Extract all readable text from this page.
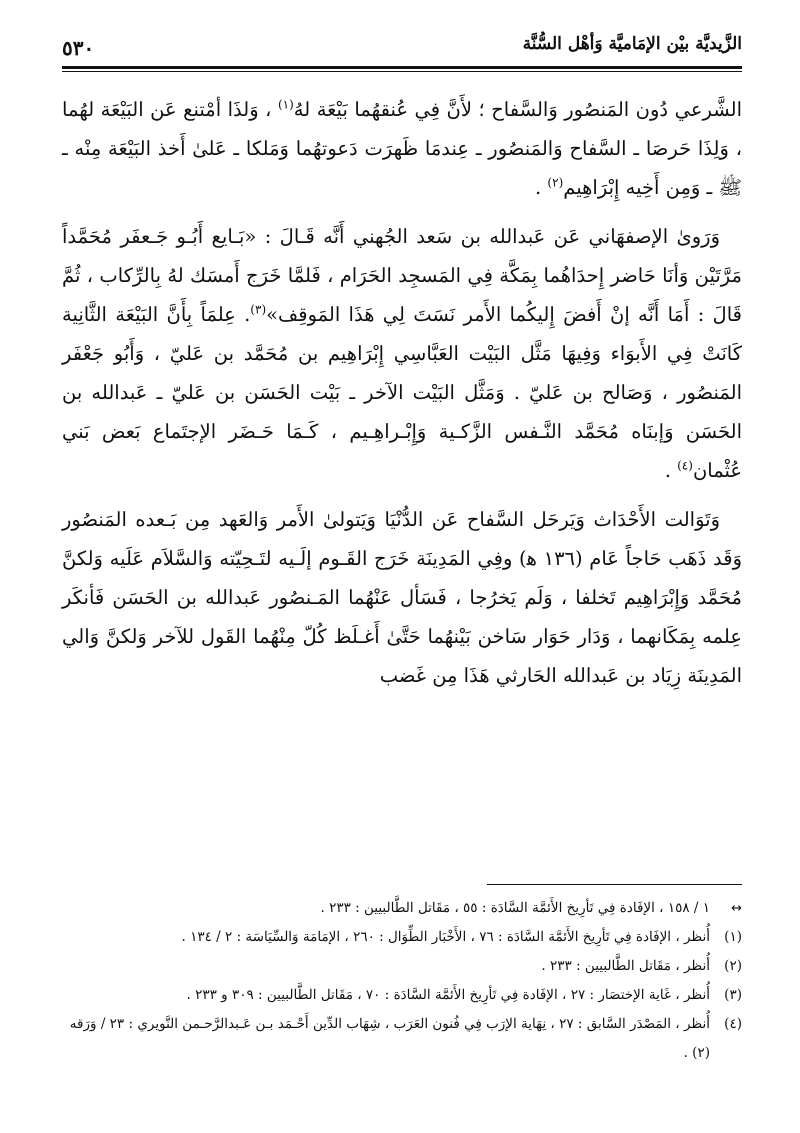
الزَّيديَّة بيْن الإمَاميَّة وَأهْل السُّنَّة
٥٣٠

الشَّرعي دُون المَنصُور وَالسَّفاح ؛ لأَنَّ فِي عُنقهُما بَيْعَة لهُ$^{(١)}$ ، وَلذَا أمْتنع عَن البَيْعَة لهُما ، وَلِذَا حَرصَا ـ السَّفاح وَالمَنصُور ـ عِندمَا ظَهرَت دَعوتهُما وَمَلكا ـ عَلىٰ أَخذ البَيْعَة مِنْه ـ ﷺ ـ وَمِن أَخِيه إِبْرَاهِيم$^{(٢)}$ .

وَرَوىٰ الإصفهَاني عَن عَبدالله بن سَعد الجُهني أَنَّه قَـالَ : «بَـايع أَبُـو جَـعفَر مُحَمَّداً مَرَّتَيْن وَأنَا حَاضر إِحدَاهُما بِمَكَّة فِي المَسجِد الحَرَام ، فَلمَّا خَرَج أَمسَك لهُ بِالرِّكاب ، ثُمَّ قَالَ : أَمَا أَنَّه إنْ أَفضَ إِليكُما الأَمر نَسَتَ لِي هَذَا المَوقِف»$^{(٣)}$. عِلمَاً بِأَنَّ البَيْعَة الثَّانِية كَانَتْ فِي الأَبوَاء وَفِيهَا مَثَّل البَيْت العَبَّاسِي إِبْرَاهِيم بن مُحَمَّد بن عَليّ ، وَأَبُو جَعْفَر المَنصُور ، وَصَالح بن عَليّ . وَمَثَّل البَيْت الآخر ـ بَيْت الحَسَن بن عَليّ ـ عَبدالله بن الحَسَن وَإبنَاه مُحَمَّد النَّـفس الزَّكـية وَإِبْـراهِـيم ، كَـمَا حَـضَر الإجتَماع بَعض بَني عُثْمان$^{(٤)}$ .

وَتَوَالت الأَحْدَاث وَيَرحَل السَّفاح عَن الدُّنْيَا وَيَتولىٰ الأَمر وَالعَهد مِن بَـعده المَنصُور وَقَد ذَهَب حَاجاً عَام (١٣٦ ه‍) وفِي المَدِينَة خَرَج القَـوم إلَـيه لتَـحِيّته وَالسَّلاَم عَلَيه وَلكنَّ مُحَمَّد وَإِبْرَاهِيم تَخلفا ، وَلَم يَخرُجا ، فَسَأل عَنْهُما المَـنصُور عَبدالله بن الحَسَن فَأنكَر عِلمه بِمَكَانهما ، وَدَار حَوَار سَاخن بَيْنهُما حَتَّىٰ أَغـلَظ كُلّ مِنْهُما القَول للآخر وَلكنَّ وَالي المَدِينَة زِيَاد بن عَبدالله الحَارثي هَذَا مِن غَضب

↔
١ / ١٥٨ ، الإفَادة فِي تَأرِيخ الأَئمَّة السَّادَة : ٥٥ ، مَقَاتل الطَّالبيين : ٢٣٣ .
(١)
أُنظر ، الإفَادة فِي تَأرِيخ الأَئمَّة السَّادَة : ٧٦ ، الأَخْبَار الطِّوَال : ٢٦٠ ، الإمَامَة وَالسِّيَاسَة : ٢ / ١٣٤ .
(٢)
أُنظر ، مَقَاتل الطَّالبيين : ٢٣٣ .
(٣)
أُنظر ، غَاية الإختصَار : ٢٧ ، الإفَادة فِي تَأرِيخ الأَئمَّة السَّادَة : ٧٠ ، مَقَاتل الطَّالبيين : ٣٠٩ و ٢٣٣ .
(٤)
أُنظر ، المَصْدَر السَّابق : ٢٧ ، نِهَاية الإرَب فِي فُنون العَرَب ، شِهَاب الدِّين أَحْـمَد بـن عَـبدالرَّحـمن النَّويري : ٢٣ / وَرَقه (٢) .
